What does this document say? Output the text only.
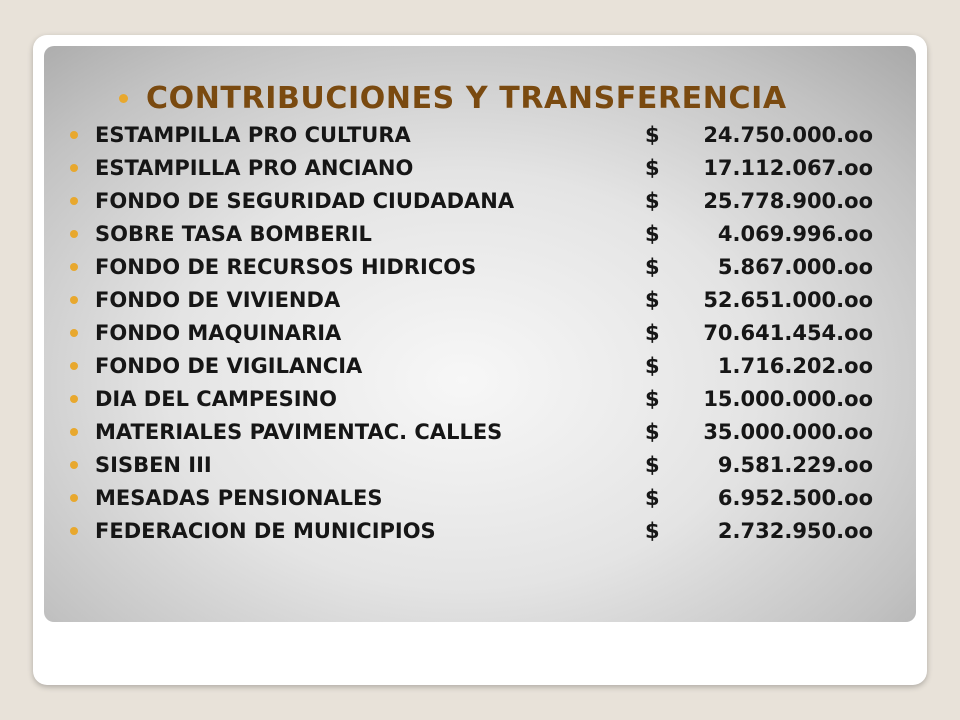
CONTRIBUCIONES Y TRANSFERENCIA
ESTAMPILLA PRO CULTURA	$	24.750.000.oo
ESTAMPILLA PRO ANCIANO	$	17.112.067.oo
FONDO DE SEGURIDAD CIUDADANA	$	25.778.900.oo
SOBRE TASA BOMBERIL	$	4.069.996.oo
FONDO DE RECURSOS HIDRICOS	$	5.867.000.oo
FONDO DE VIVIENDA	$	52.651.000.oo
FONDO MAQUINARIA	$	70.641.454.oo
FONDO DE VIGILANCIA	$	1.716.202.oo
DIA DEL CAMPESINO	$	15.000.000.oo
MATERIALES PAVIMENTAC. CALLES	$	35.000.000.oo
SISBEN III	$	9.581.229.oo
MESADAS PENSIONALES	$	6.952.500.oo
FEDERACION DE MUNICIPIOS	$	2.732.950.oo
